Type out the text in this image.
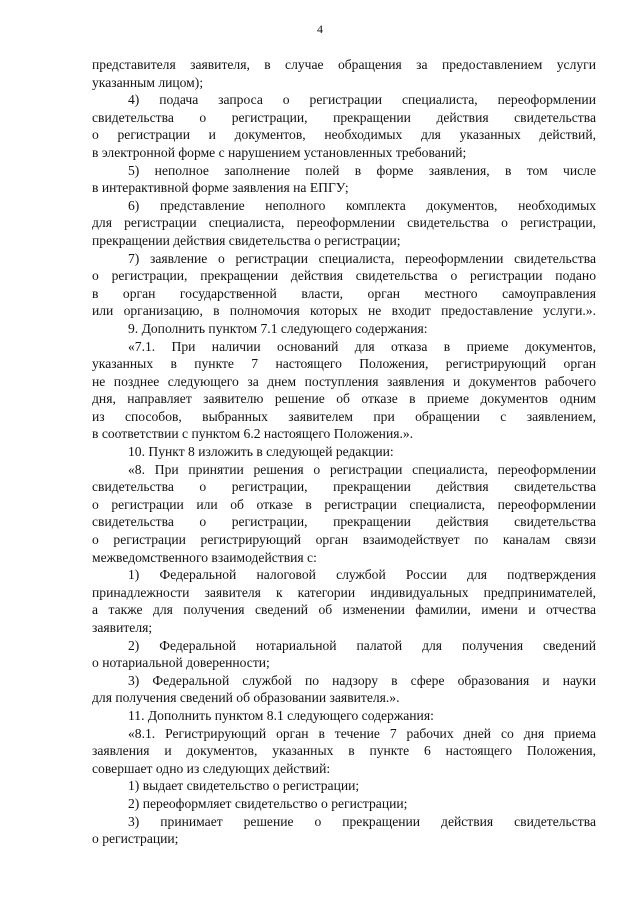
4
представителя заявителя, в случае обращения за предоставлением услуги
указанным лицом);
4) подача запроса о регистрации специалиста, переоформлении
свидетельства о регистрации, прекращении действия свидетельства
о регистрации и документов, необходимых для указанных действий,
в электронной форме с нарушением установленных требований;
5) неполное заполнение полей в форме заявления, в том числе
в интерактивной форме заявления на ЕПГУ;
6) представление неполного комплекта документов, необходимых
для регистрации специалиста, переоформлении свидетельства о регистрации,
прекращении действия свидетельства о регистрации;
7) заявление о регистрации специалиста, переоформлении свидетельства
о регистрации, прекращении действия свидетельства о регистрации подано
в орган государственной власти, орган местного самоуправления
или организацию, в полномочия которых не входит предоставление услуги.».
9. Дополнить пунктом 7.1 следующего содержания:
«7.1. При наличии оснований для отказа в приеме документов,
указанных в пункте 7 настоящего Положения, регистрирующий орган
не позднее следующего за днем поступления заявления и документов рабочего
дня, направляет заявителю решение об отказе в приеме документов одним
из способов, выбранных заявителем при обращении с заявлением,
в соответствии с пунктом 6.2 настоящего Положения.».
10. Пункт 8 изложить в следующей редакции:
«8. При принятии решения о регистрации специалиста, переоформлении
свидетельства о регистрации, прекращении действия свидетельства
о регистрации или об отказе в регистрации специалиста, переоформлении
свидетельства о регистрации, прекращении действия свидетельства
о регистрации регистрирующий орган взаимодействует по каналам связи
межведомственного взаимодействия с:
1) Федеральной налоговой службой России для подтверждения
принадлежности заявителя к категории индивидуальных предпринимателей,
а также для получения сведений об изменении фамилии, имени и отчества
заявителя;
2) Федеральной нотариальной палатой для получения сведений
о нотариальной доверенности;
3) Федеральной службой по надзору в сфере образования и науки
для получения сведений об образовании заявителя.».
11. Дополнить пунктом 8.1 следующего содержания:
«8.1. Регистрирующий орган в течение 7 рабочих дней со дня приема
заявления и документов, указанных в пункте 6 настоящего Положения,
совершает одно из следующих действий:
1) выдает свидетельство о регистрации;
2) переоформляет свидетельство о регистрации;
3) принимает решение о прекращении действия свидетельства
о регистрации;
